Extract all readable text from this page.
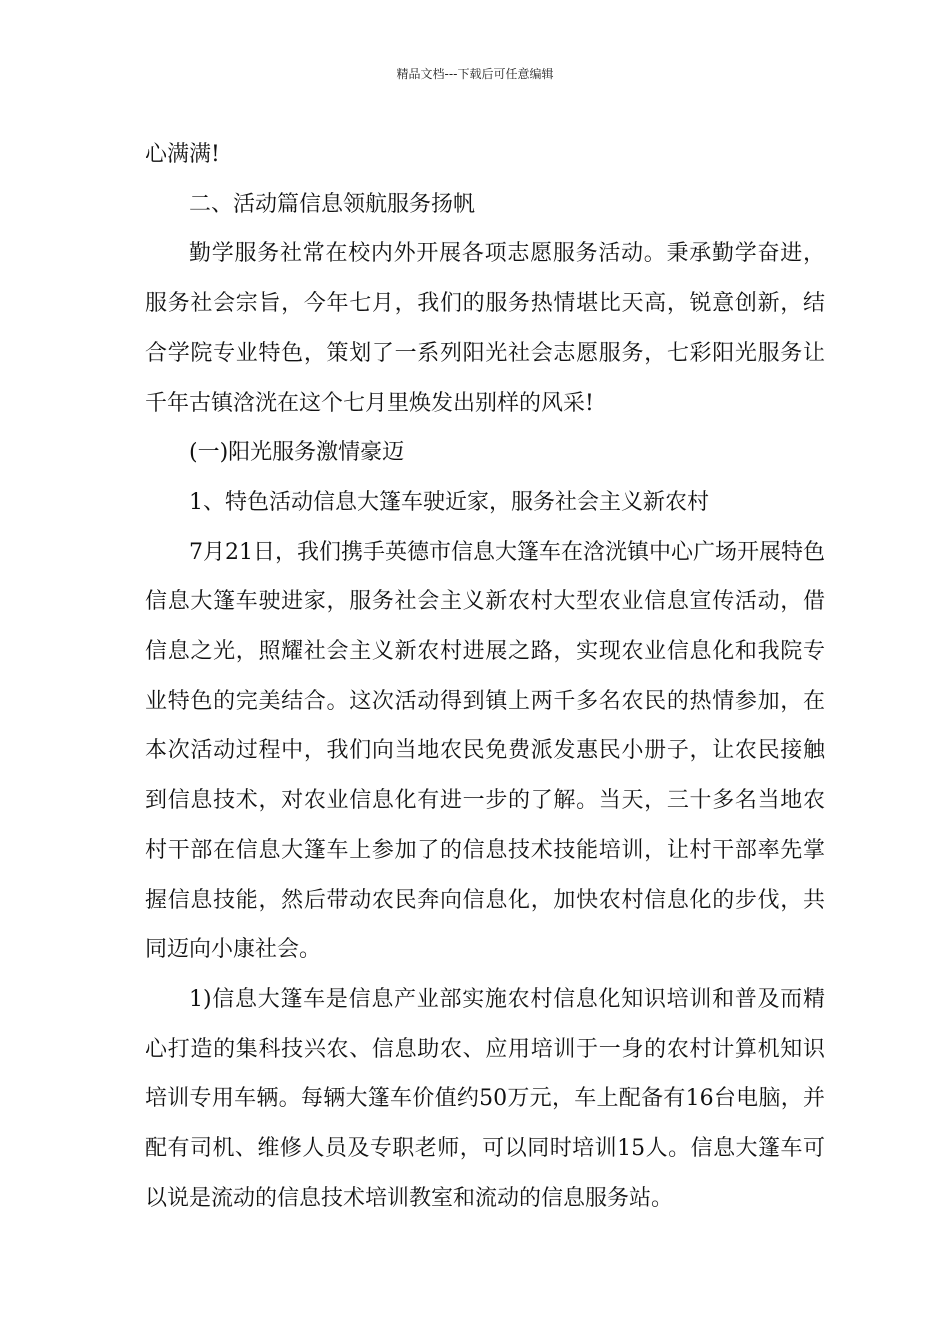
精品文档---下载后可任意编辑

心满满!

二、活动篇信息领航服务扬帆

勤学服务社常在校内外开展各项志愿服务活动。秉承勤学奋进，服务社会宗旨，今年七月，我们的服务热情堪比天高，锐意创新，结合学院专业特色，策划了一系列阳光社会志愿服务，七彩阳光服务让千年古镇浛洸在这个七月里焕发出别样的风采!

(一)阳光服务激情豪迈

1、特色活动信息大篷车驶近家，服务社会主义新农村

7月21日，我们携手英德市信息大篷车在浛洸镇中心广场开展特色信息大篷车驶进家，服务社会主义新农村大型农业信息宣传活动，借信息之光，照耀社会主义新农村进展之路，实现农业信息化和我院专业特色的完美结合。这次活动得到镇上两千多名农民的热情参加，在本次活动过程中，我们向当地农民免费派发惠民小册子，让农民接触到信息技术，对农业信息化有进一步的了解。当天，三十多名当地农村干部在信息大篷车上参加了的信息技术技能培训，让村干部率先掌握信息技能，然后带动农民奔向信息化，加快农村信息化的步伐，共同迈向小康社会。

1)信息大篷车是信息产业部实施农村信息化知识培训和普及而精心打造的集科技兴农、信息助农、应用培训于一身的农村计算机知识培训专用车辆。每辆大篷车价值约50万元，车上配备有16台电脑，并配有司机、维修人员及专职老师，可以同时培训15人。信息大篷车可以说是流动的信息技术培训教室和流动的信息服务站。
